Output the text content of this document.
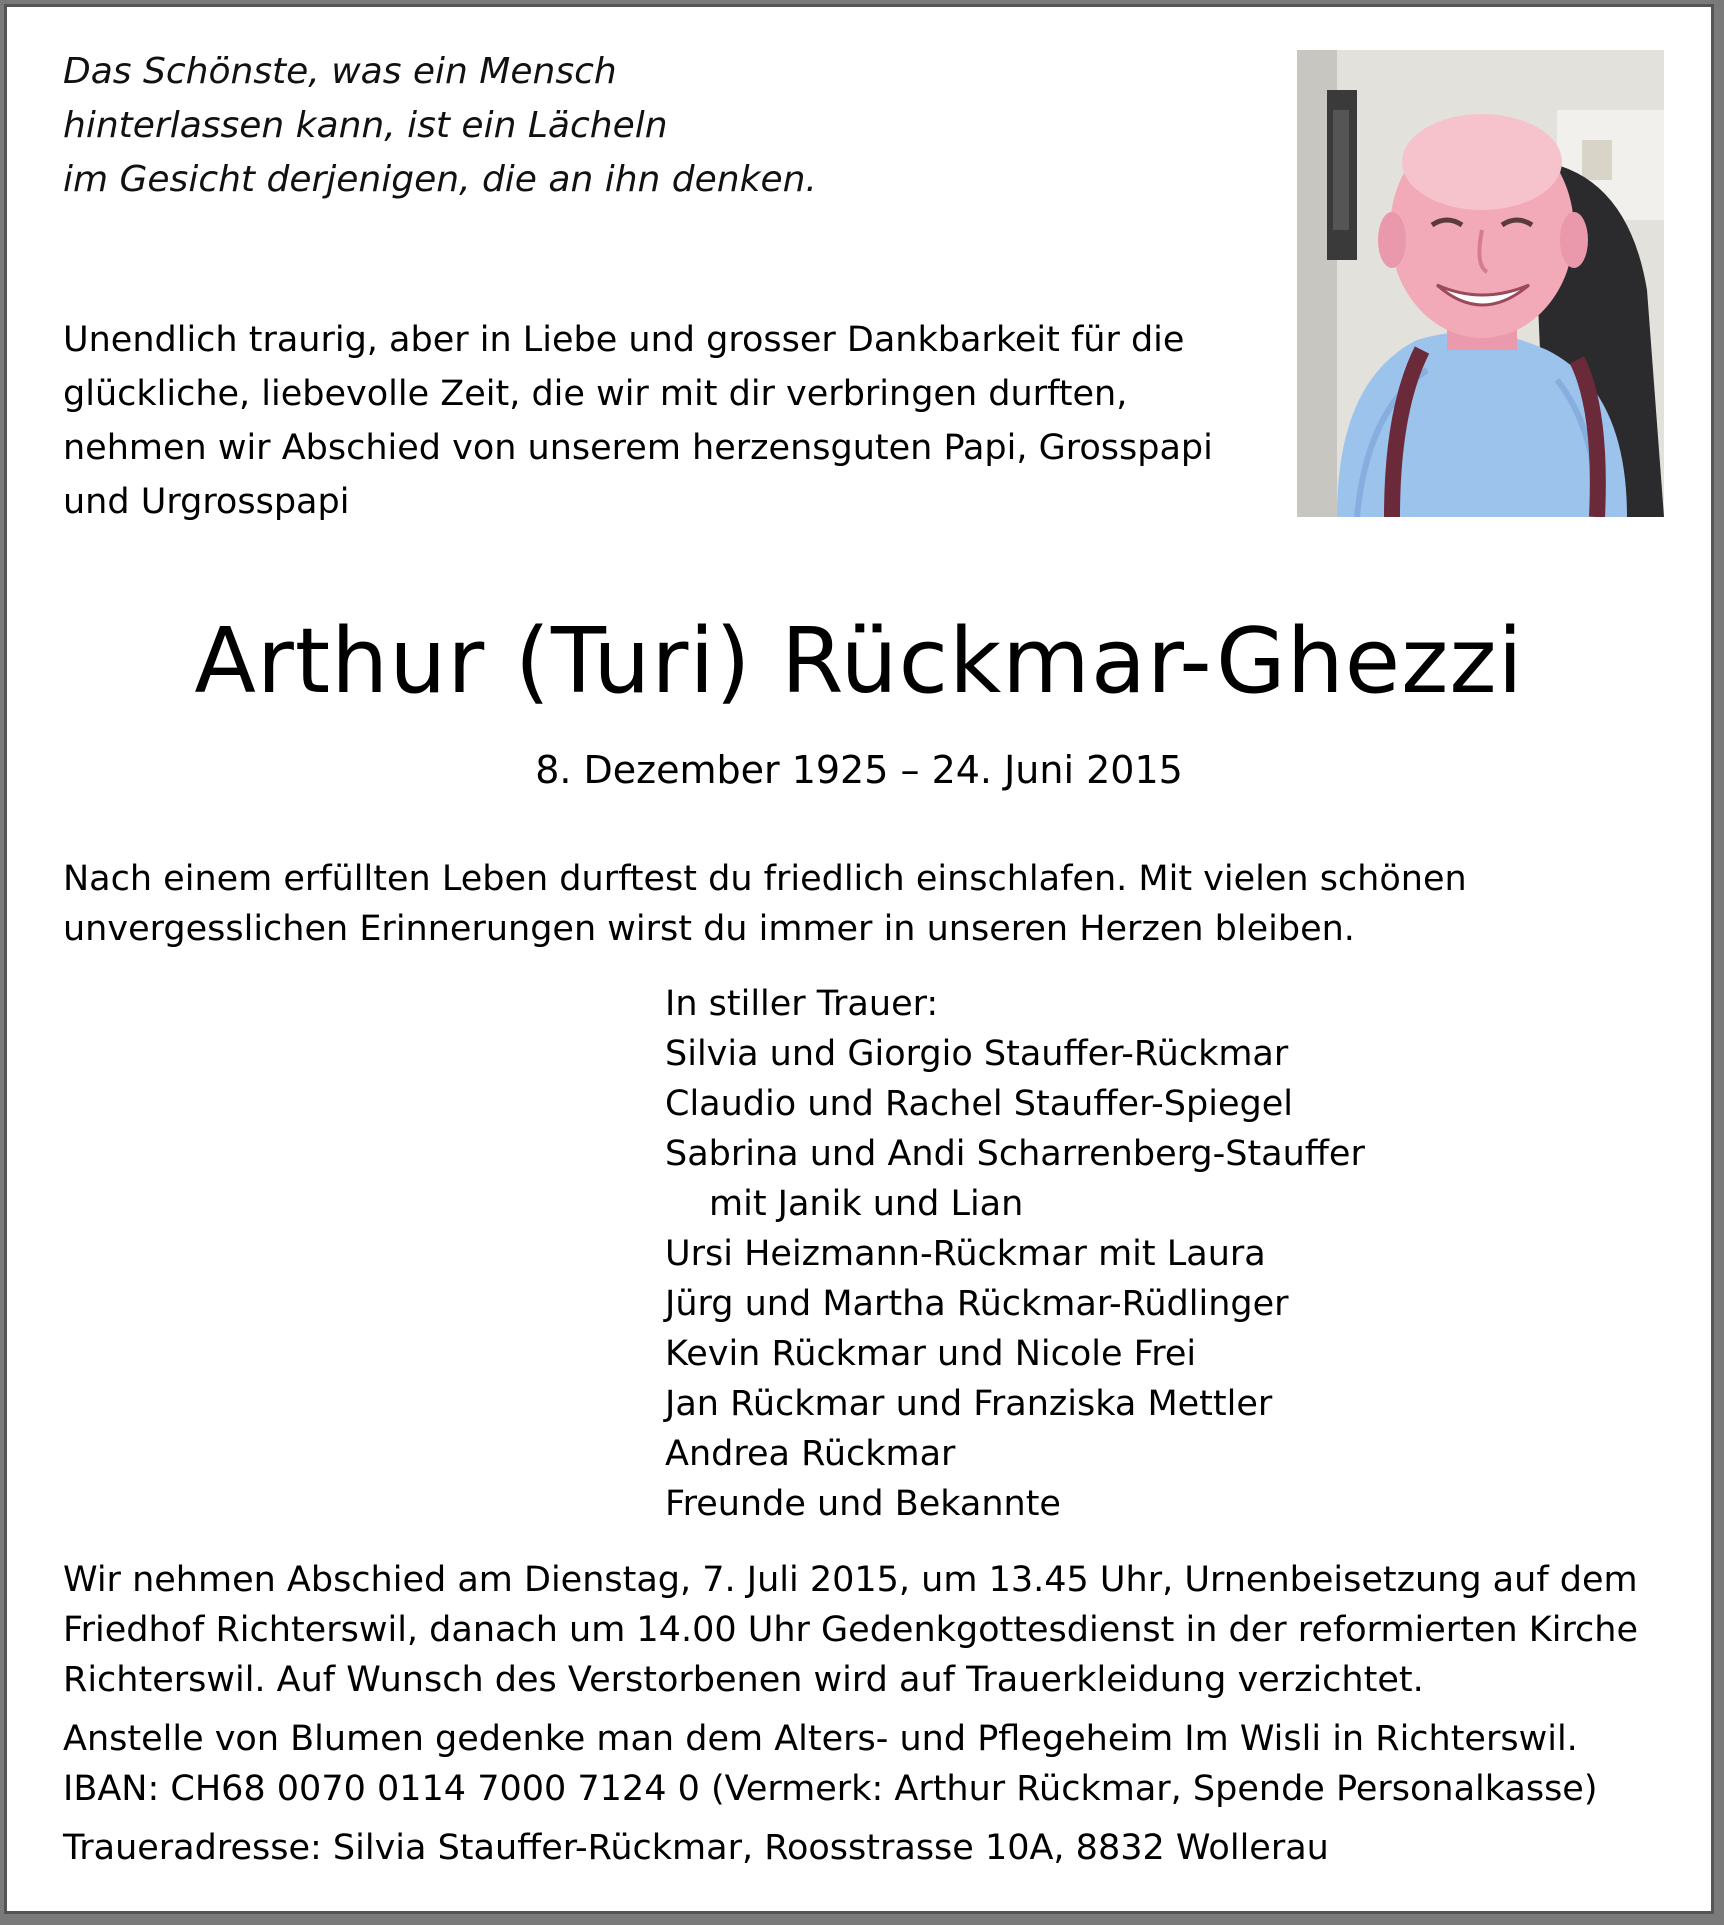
Das Schönste, was ein Mensch
hinterlassen kann, ist ein Lächeln
im Gesicht derjenigen, die an ihn denken.
Unendlich traurig, aber in Liebe und grosser Dankbarkeit für die
glückliche, liebevolle Zeit, die wir mit dir verbringen durften,
nehmen wir Abschied von unserem herzensguten Papi, Grosspapi
und Urgrosspapi
Arthur (Turi) Rückmar-Ghezzi
8. Dezember 1925 – 24. Juni 2015
Nach einem erfüllten Leben durftest du friedlich einschlafen. Mit vielen schönen
unvergesslichen Erinnerungen wirst du immer in unseren Herzen bleiben.
In stiller Trauer:
Silvia und Giorgio Stauffer-Rückmar
Claudio und Rachel Stauffer-Spiegel
Sabrina und Andi Scharrenberg-Stauffer
mit Janik und Lian
Ursi Heizmann-Rückmar mit Laura
Jürg und Martha Rückmar-Rüdlinger
Kevin Rückmar und Nicole Frei
Jan Rückmar und Franziska Mettler
Andrea Rückmar
Freunde und Bekannte
Wir nehmen Abschied am Dienstag, 7. Juli 2015, um 13.45 Uhr, Urnenbeisetzung auf dem
Friedhof Richterswil, danach um 14.00 Uhr Gedenkgottesdienst in der reformierten Kirche
Richterswil. Auf Wunsch des Verstorbenen wird auf Trauerkleidung verzichtet.
Anstelle von Blumen gedenke man dem Alters- und Pflegeheim Im Wisli in Richterswil.
IBAN: CH68 0070 0114 7000 7124 0 (Vermerk: Arthur Rückmar, Spende Personalkasse)
Traueradresse: Silvia Stauffer-Rückmar, Roosstrasse 10A, 8832 Wollerau
